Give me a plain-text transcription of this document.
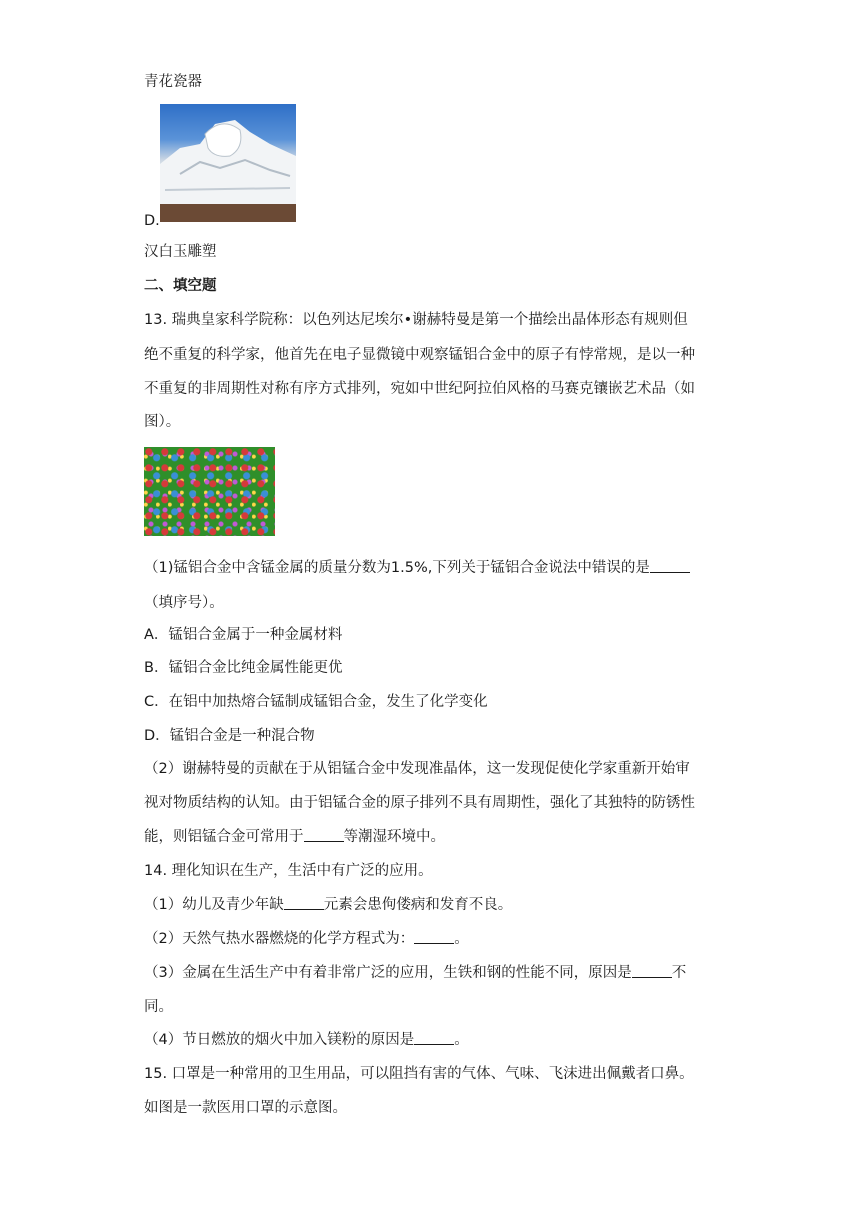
青花瓷器
D.
汉白玉雕塑
二、填空题
13. 瑞典皇家科学院称：以色列达尼埃尔•谢赫特曼是第一个描绘出晶体形态有规则但
绝不重复的科学家，他首先在电子显微镜中观察锰铝合金中的原子有悖常规，是以一种
不重复的非周期性对称有序方式排列，宛如中世纪阿拉伯风格的马赛克镶嵌艺术品（如
图）。
（1)锰铝合金中含锰金属的质量分数为1.5%,下列关于锰铝合金说法中错误的是
（填序号）。
A．锰铝合金属于一种金属材料
B．锰铝合金比纯金属性能更优
C．在铝中加热熔合锰制成锰铝合金，发生了化学变化
D．锰铝合金是一种混合物
（2）谢赫特曼的贡献在于从铝锰合金中发现准晶体，这一发现促使化学家重新开始审
视对物质结构的认知。由于铝锰合金的原子排列不具有周期性，强化了其独特的防锈性
能，则铝锰合金可常用于	等潮湿环境中。
14. 理化知识在生产，生活中有广泛的应用。
（1）幼儿及青少年缺	元素会患佝偻病和发育不良。
（2）天然气热水器燃烧的化学方程式为：	。
（3）金属在生活生产中有着非常广泛的应用，生铁和钢的性能不同，原因是	不
同。
（4）节日燃放的烟火中加入镁粉的原因是	。
15. 口罩是一种常用的卫生用品，可以阻挡有害的气体、气味、飞沫进出佩戴者口鼻。
如图是一款医用口罩的示意图。
